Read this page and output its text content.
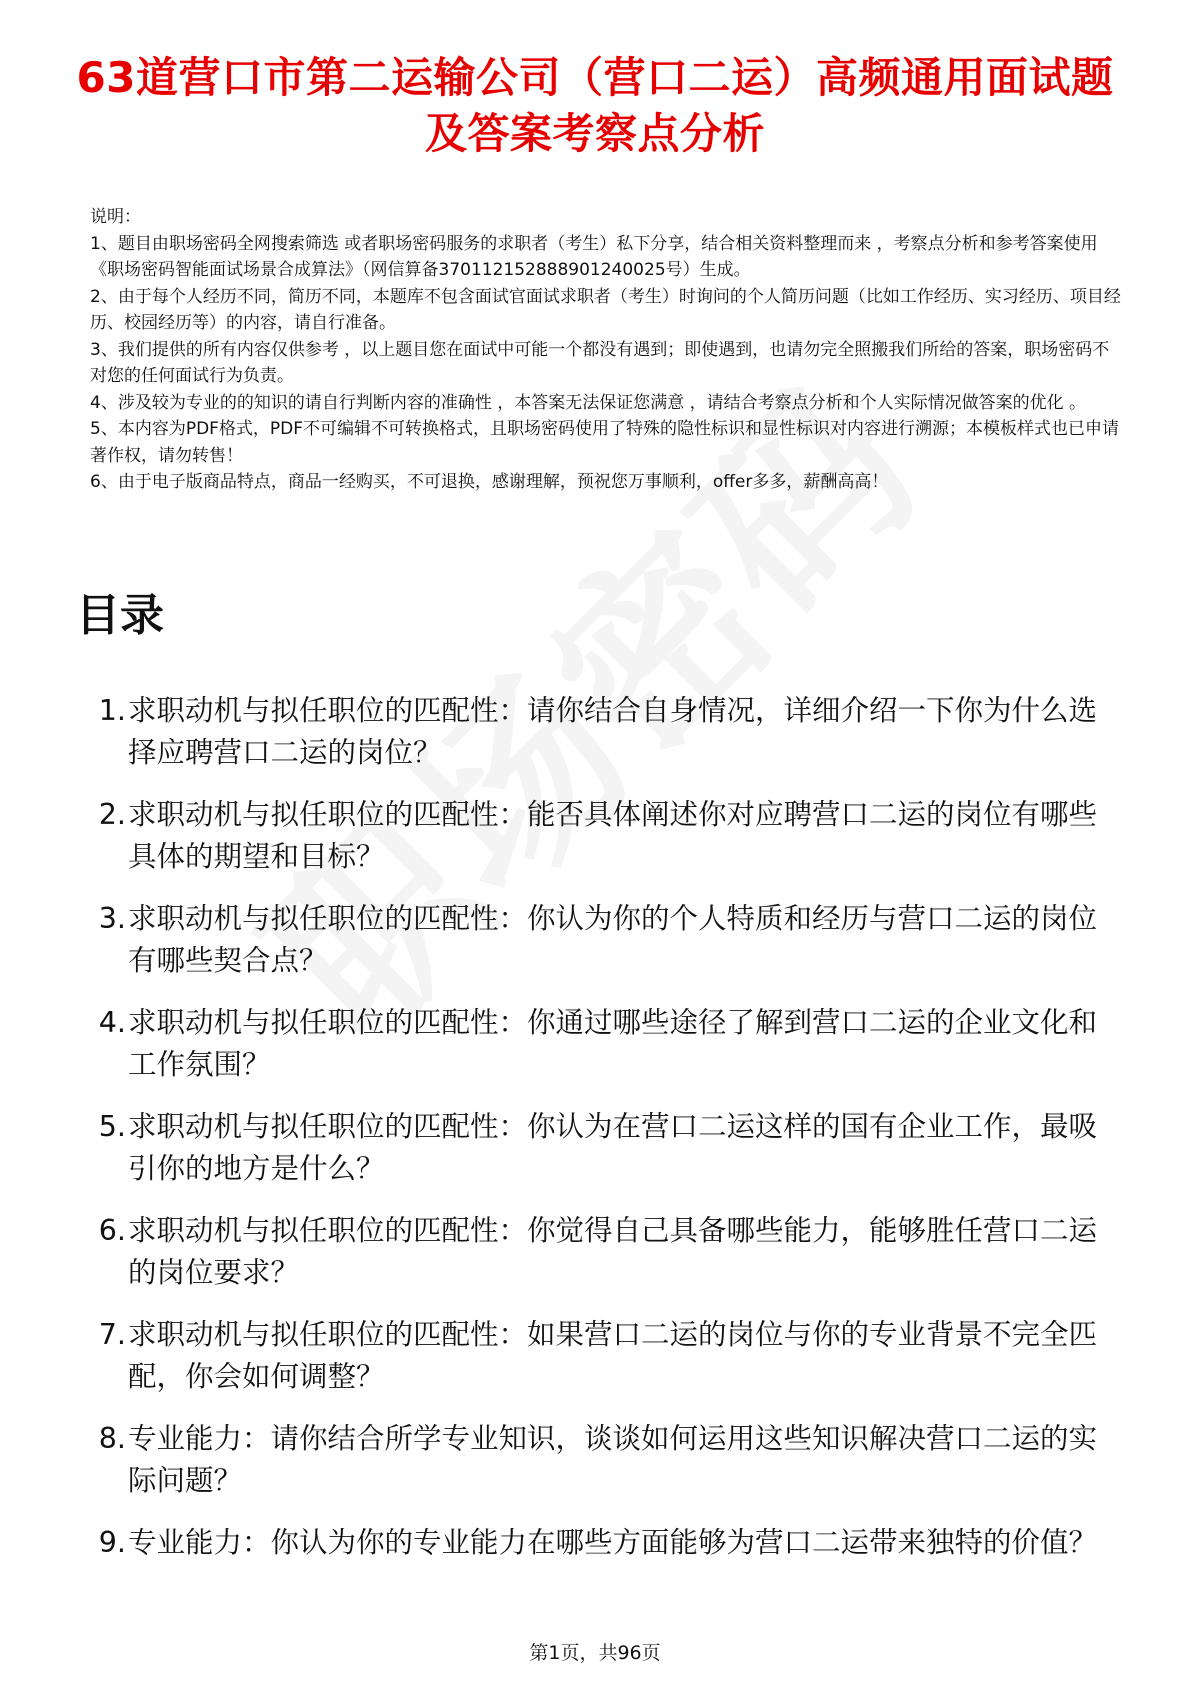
63道营口市第二运输公司（营口二运）高频通用面试题及答案考察点分析

说明：

1、题目由职场密码全网搜索筛选 或者职场密码服务的求职者（考生）私下分享，结合相关资料整理而来 ，考察点分析和参考答案使用《职场密码智能面试场景合成算法》（网信算备370112152888901240025号）生成。

2、由于每个人经历不同，简历不同，本题库不包含面试官面试求职者（考生）时询问的个人简历问题（比如工作经历、实习经历、项目经历、校园经历等）的内容，请自行准备。

3、我们提供的所有内容仅供参考 ，以上题目您在面试中可能一个都没有遇到；即使遇到，也请勿完全照搬我们所给的答案，职场密码不对您的任何面试行为负责。

4、涉及较为专业的的知识的请自行判断内容的准确性 ，本答案无法保证您满意 ，请结合考察点分析和个人实际情况做答案的优化 。

5、本内容为PDF格式，PDF不可编辑不可转换格式，且职场密码使用了特殊的隐性标识和显性标识对内容进行溯源；本模板样式也已申请著作权，请勿转售！

6、由于电子版商品特点，商品一经购买，不可退换，感谢理解，预祝您万事顺利，offer多多，薪酬高高！

目录
1. 求职动机与拟任职位的匹配性：请你结合自身情况，详细介绍一下你为什么选择应聘营口二运的岗位？
2. 求职动机与拟任职位的匹配性：能否具体阐述你对应聘营口二运的岗位有哪些具体的期望和目标？
3. 求职动机与拟任职位的匹配性：你认为你的个人特质和经历与营口二运的岗位有哪些契合点？
4. 求职动机与拟任职位的匹配性：你通过哪些途径了解到营口二运的企业文化和工作氛围？
5. 求职动机与拟任职位的匹配性：你认为在营口二运这样的国有企业工作，最吸引你的地方是什么？
6. 求职动机与拟任职位的匹配性：你觉得自己具备哪些能力，能够胜任营口二运的岗位要求？
7. 求职动机与拟任职位的匹配性：如果营口二运的岗位与你的专业背景不完全匹配，你会如何调整？
8. 专业能力：请你结合所学专业知识，谈谈如何运用这些知识解决营口二运的实际问题？
9. 专业能力：你认为你的专业能力在哪些方面能够为营口二运带来独特的价值？
第1页，共96页
